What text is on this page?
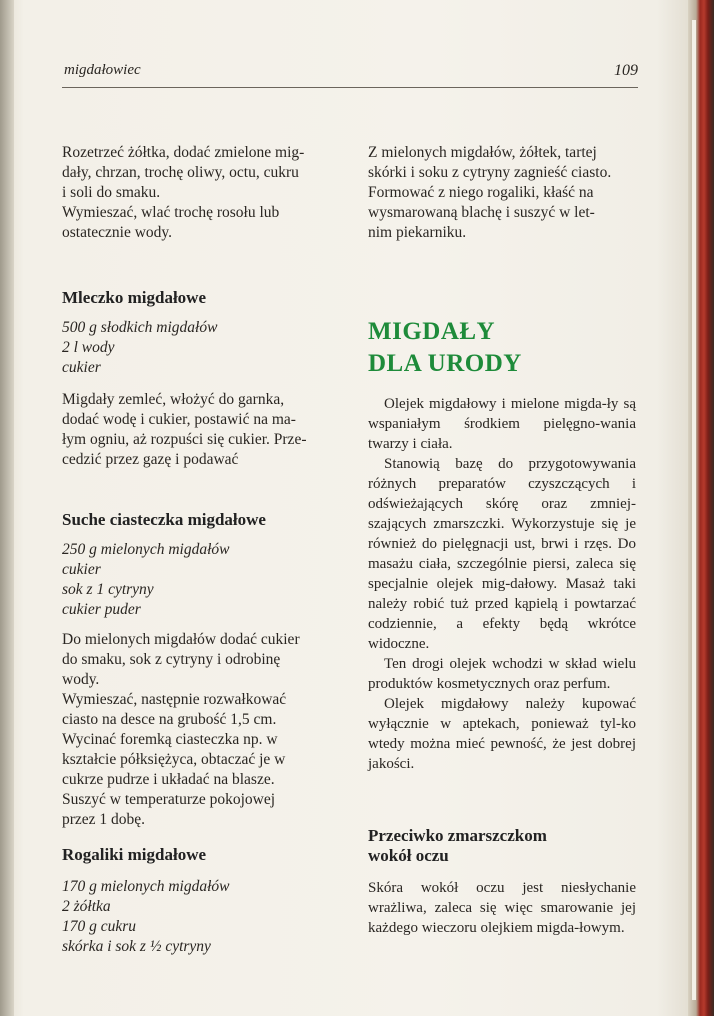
migdałowiec	109

Rozetrzeć żółtka, dodać zmielone mig-

dały, chrzan, trochę oliwy, octu, cukru

i soli do smaku.

Wymieszać, wlać trochę rosołu lub

ostatecznie wody.

Mleczko migdałowe

500 g słodkich migdałów

2 l wody

cukier

Migdały zemleć, włożyć do garnka,

dodać wodę i cukier, postawić na ma-

łym ogniu, aż rozpuści się cukier. Prze-

cedzić przez gazę i podawać

Suche ciasteczka migdałowe

250 g mielonych migdałów

cukier

sok z 1 cytryny

cukier puder

Do mielonych migdałów dodać cukier

do smaku, sok z cytryny i odrobinę

wody.

Wymieszać, następnie rozwałkować

ciasto na desce na grubość 1,5 cm.

Wycinać foremką ciasteczka np. w

kształcie półksiężyca, obtaczać je w

cukrze pudrze i układać na blasze.

Suszyć w temperaturze pokojowej

przez 1 dobę.

Rogaliki migdałowe

170 g mielonych migdałów

2 żółtka

170 g cukru

skórka i sok z ½ cytryny

Z mielonych migdałów, żółtek, tartej

skórki i soku z cytryny zagnieść ciasto.

Formować z niego rogaliki, kłaść na

wysmarowaną blachę i suszyć w let-

nim piekarniku.

MIGDAŁY
DLA URODY

Olejek migdałowy i mielone migda-ły są wspaniałym środkiem pielęgno-wania twarzy i ciała.

Stanowią bazę do przygotowywania różnych preparatów czyszczących i odświeżających skórę oraz zmniej-szających zmarszczki. Wykorzystuje się je również do pielęgnacji ust, brwi i rzęs. Do masażu ciała, szczególnie piersi, zaleca się specjalnie olejek mig-dałowy. Masaż taki należy robić tuż przed kąpielą i powtarzać codziennie, a efekty będą wkrótce widoczne.

Ten drogi olejek wchodzi w skład wielu produktów kosmetycznych oraz perfum.

Olejek migdałowy należy kupować wyłącznie w aptekach, ponieważ tyl-ko wtedy można mieć pewność, że jest dobrej jakości.

Przeciwko zmarszczkom
wokół oczu

Skóra wokół oczu jest niesłychanie wrażliwa, zaleca się więc smarowanie jej każdego wieczoru olejkiem migda-łowym.
